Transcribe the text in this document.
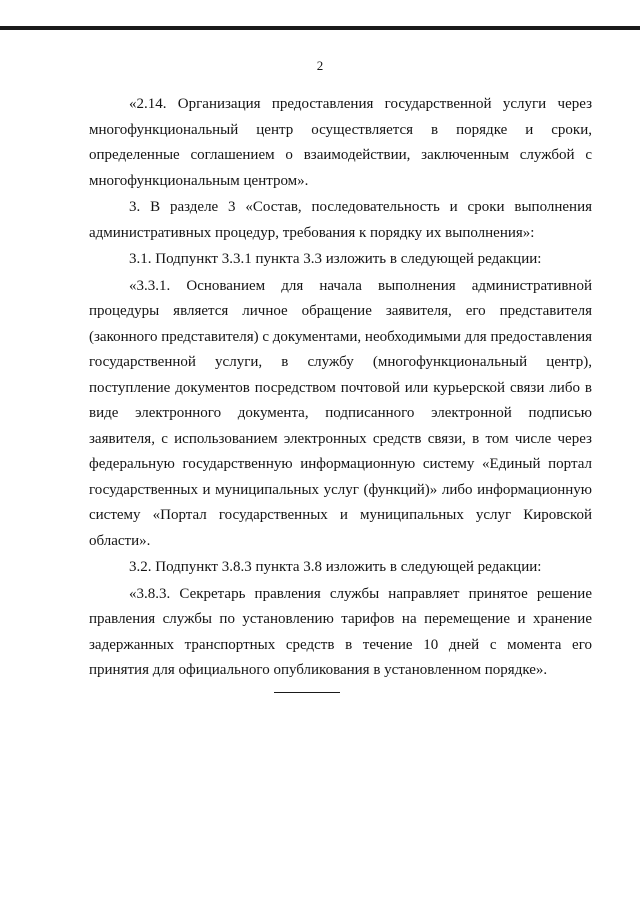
2

«2.14. Организация предоставления государственной услуги через многофункциональный центр осуществляется в порядке и сроки, определенные соглашением о взаимодействии, заключенным службой с многофункциональным центром».

3. В разделе 3 «Состав, последовательность и сроки выполнения административных процедур, требования к порядку их выполнения»:

3.1. Подпункт 3.3.1 пункта 3.3 изложить в следующей редакции:

«3.3.1. Основанием для начала выполнения административной процедуры является личное обращение заявителя, его представителя (законного представителя) с документами, необходимыми для предоставления государственной услуги, в службу (многофункциональный центр), поступление документов посредством почтовой или курьерской связи либо в виде электронного документа, подписанного электронной подписью заявителя, с использованием электронных средств связи, в том числе через федеральную государственную информационную систему «Единый портал государственных и муниципальных услуг (функций)» либо информационную систему «Портал государственных и муниципальных услуг Кировской области».

3.2. Подпункт 3.8.3 пункта 3.8 изложить в следующей редакции:

«3.8.3. Секретарь правления службы направляет принятое решение правления службы по установлению тарифов на перемещение и хранение задержанных транспортных средств в течение 10 дней с момента его принятия для официального опубликования в установленном порядке».
